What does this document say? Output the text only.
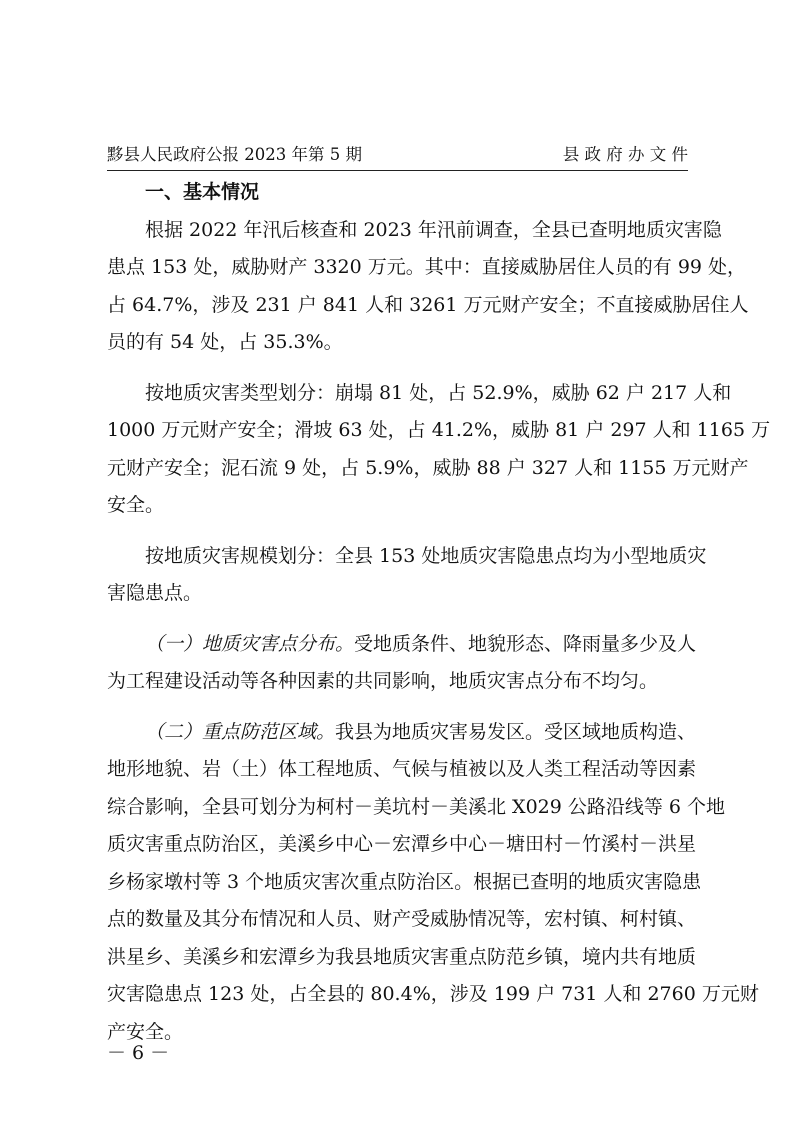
黟县人民政府公报 2023 年第 5 期	县 政 府 办 文 件
一、基本情况
根据 2022 年汛后核查和 2023 年汛前调查，全县已查明地质灾害隐
患点 153 处，威胁财产 3320 万元。其中：直接威胁居住人员的有 99 处，
占 64.7%，涉及 231 户 841 人和 3261 万元财产安全；不直接威胁居住人
员的有 54 处，占 35.3%。
按地质灾害类型划分：崩塌 81 处，占 52.9%，威胁 62 户 217 人和
1000 万元财产安全；滑坡 63 处，占 41.2%，威胁 81 户 297 人和 1165 万
元财产安全；泥石流 9 处，占 5.9%，威胁 88 户 327 人和 1155 万元财产
安全。
按地质灾害规模划分：全县 153 处地质灾害隐患点均为小型地质灾
害隐患点。
（一）地质灾害点分布。受地质条件、地貌形态、降雨量多少及人
为工程建设活动等各种因素的共同影响，地质灾害点分布不均匀。
（二）重点防范区域。我县为地质灾害易发区。受区域地质构造、
地形地貌、岩（土）体工程地质、气候与植被以及人类工程活动等因素
综合影响，全县可划分为柯村－美坑村－美溪北 X029 公路沿线等 6 个地
质灾害重点防治区，美溪乡中心－宏潭乡中心－塘田村－竹溪村－洪星
乡杨家墩村等 3 个地质灾害次重点防治区。根据已查明的地质灾害隐患
点的数量及其分布情况和人员、财产受威胁情况等，宏村镇、柯村镇、
洪星乡、美溪乡和宏潭乡为我县地质灾害重点防范乡镇，境内共有地质
灾害隐患点 123 处，占全县的 80.4%，涉及 199 户 731 人和 2760 万元财
产安全。
－ 6 －
